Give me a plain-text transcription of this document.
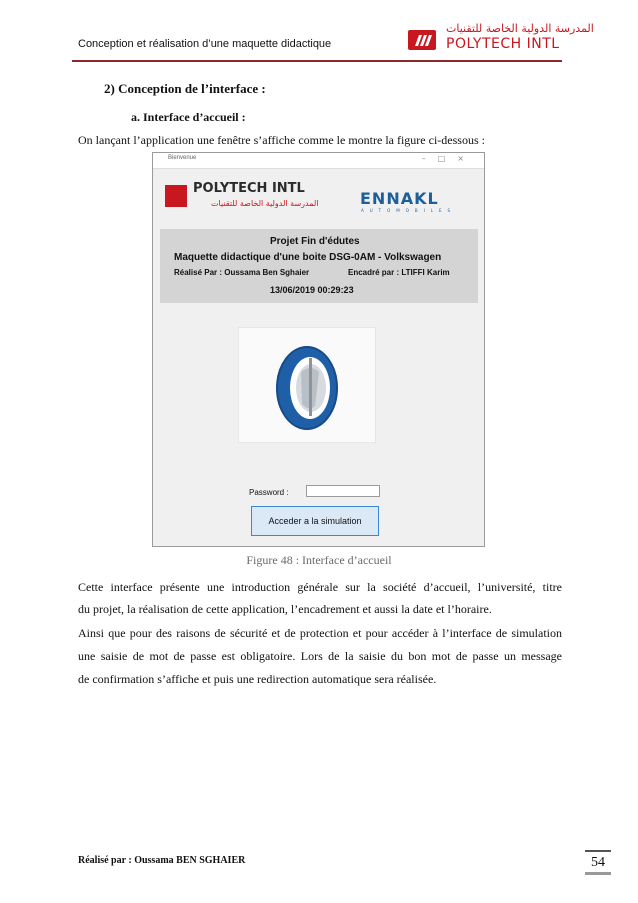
Conception et réalisation d’une maquette didactique
المدرسة الدولية الخاصة للتقنيات
POLYTECH INTL
2) Conception de l’interface :
a. Interface d’accueil :
On lançant l’application une fenêtre s’affiche comme le montre la figure ci-dessous :
Bienvenue	–□×
POLYTECH INTL
المدرسة الدولية الخاصة للتقنيات	ENNAKL
AUTOMOBILES
Projet Fin d'édutes
Maquette didactique d'une boite DSG-0AM - Volkswagen
Réalisé Par : Oussama Ben Sghaier	Encadré par : LTIFFI Karim
13/06/2019 00:29:23
Password :
Acceder a la simulation
Figure 48 : Interface d’accueil
Cette interface présente une introduction générale sur la société d’accueil, l’université, titre
du projet, la réalisation de cette application, l’encadrement et aussi la date et l’horaire.
Ainsi que pour des raisons de sécurité et de protection et pour accéder à l’interface de simulation
une saisie de mot de passe est obligatoire. Lors de la saisie du bon mot de passe un message
de confirmation s’affiche et puis une redirection automatique sera réalisée.
Réalisé par : Oussama BEN SGHAIER	54
